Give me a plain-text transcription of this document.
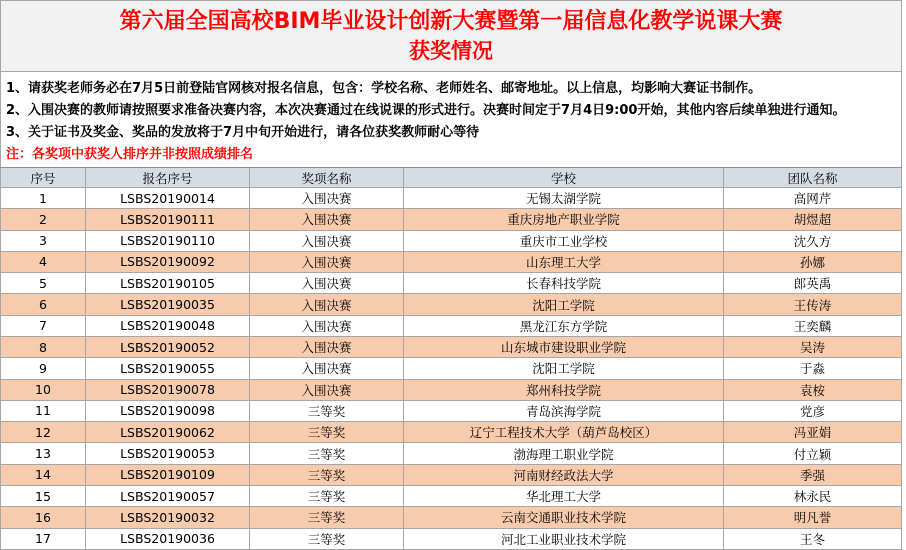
第六届全国高校BIM毕业设计创新大赛暨第一届信息化教学说课大赛
获奖情况
1、请获奖老师务必在7月5日前登陆官网核对报名信息，包含：学校名称、老师姓名、邮寄地址。以上信息，均影响大赛证书制作。
2、入围决赛的教师请按照要求准备决赛内容，本次决赛通过在线说课的形式进行。决赛时间定于7月4日9:00开始，其他内容后续单独进行通知。
3、关于证书及奖金、奖品的发放将于7月中旬开始进行，请各位获奖教师耐心等待
注：各奖项中获奖人排序并非按照成绩排名
序号	报名序号	奖项名称	学校	团队名称
1	LSBS20190014	入围决赛	无锡太湖学院	高网芹
2	LSBS20190111	入围决赛	重庆房地产职业学院	胡煜超
3	LSBS20190110	入围决赛	重庆市工业学校	沈久方
4	LSBS20190092	入围决赛	山东理工大学	孙娜
5	LSBS20190105	入围决赛	长春科技学院	郎英禹
6	LSBS20190035	入围决赛	沈阳工学院	王传涛
7	LSBS20190048	入围决赛	黑龙江东方学院	王奕麟
8	LSBS20190052	入围决赛	山东城市建设职业学院	吴涛
9	LSBS20190055	入围决赛	沈阳工学院	于淼
10	LSBS20190078	入围决赛	郑州科技学院	袁桉
11	LSBS20190098	三等奖	青岛滨海学院	党彦
12	LSBS20190062	三等奖	辽宁工程技术大学（葫芦岛校区）	冯亚娟
13	LSBS20190053	三等奖	渤海理工职业学院	付立颖
14	LSBS20190109	三等奖	河南财经政法大学	季强
15	LSBS20190057	三等奖	华北理工大学	林永民
16	LSBS20190032	三等奖	云南交通职业技术学院	明凡誉
17	LSBS20190036	三等奖	河北工业职业技术学院	王冬
